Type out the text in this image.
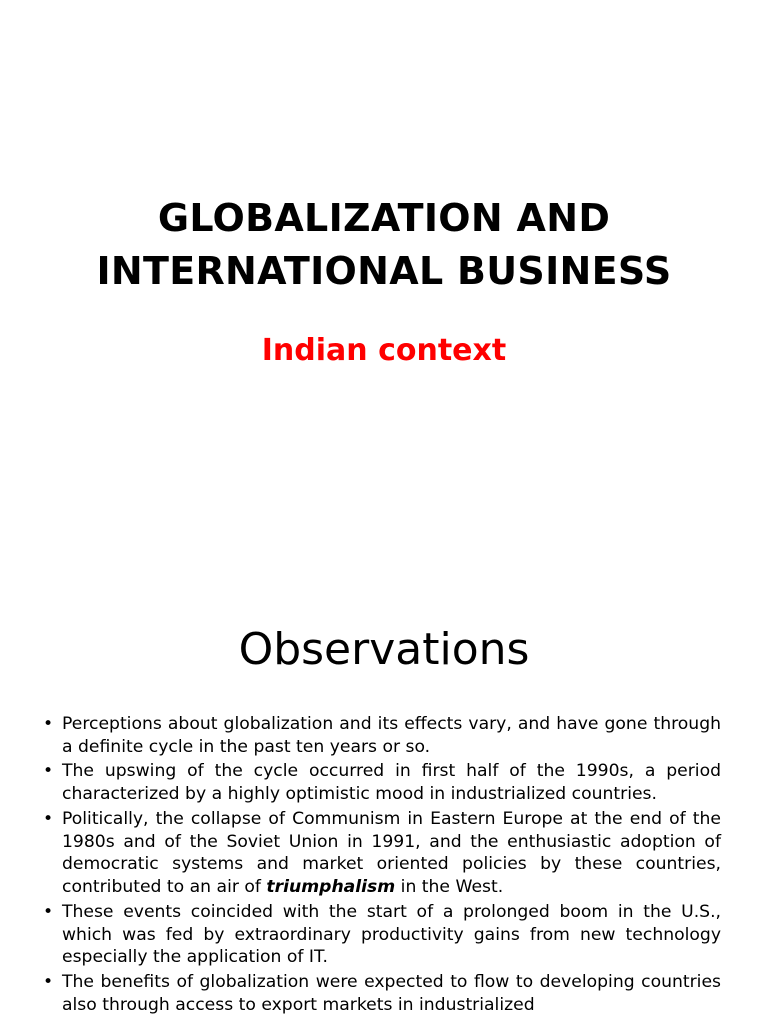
GLOBALIZATION AND
INTERNATIONAL BUSINESS
Indian context
Observations
• Perceptions about globalization and its effects vary, and have gone through a definite cycle in the past ten years or so.
• The upswing of the cycle occurred in first half of the 1990s, a period characterized by a highly optimistic mood in industrialized countries.
• Politically, the collapse of Communism in Eastern Europe at the end of the 1980s and of the Soviet Union in 1991, and the enthusiastic adoption of democratic systems and market oriented policies by these countries, contributed to an air of triumphalism in the West.
• These events coincided with the start of a prolonged boom in the U.S., which was fed by extraordinary productivity gains from new technology especially the application of IT.
• The benefits of globalization were expected to flow to developing countries also through access to export markets in industrialized
